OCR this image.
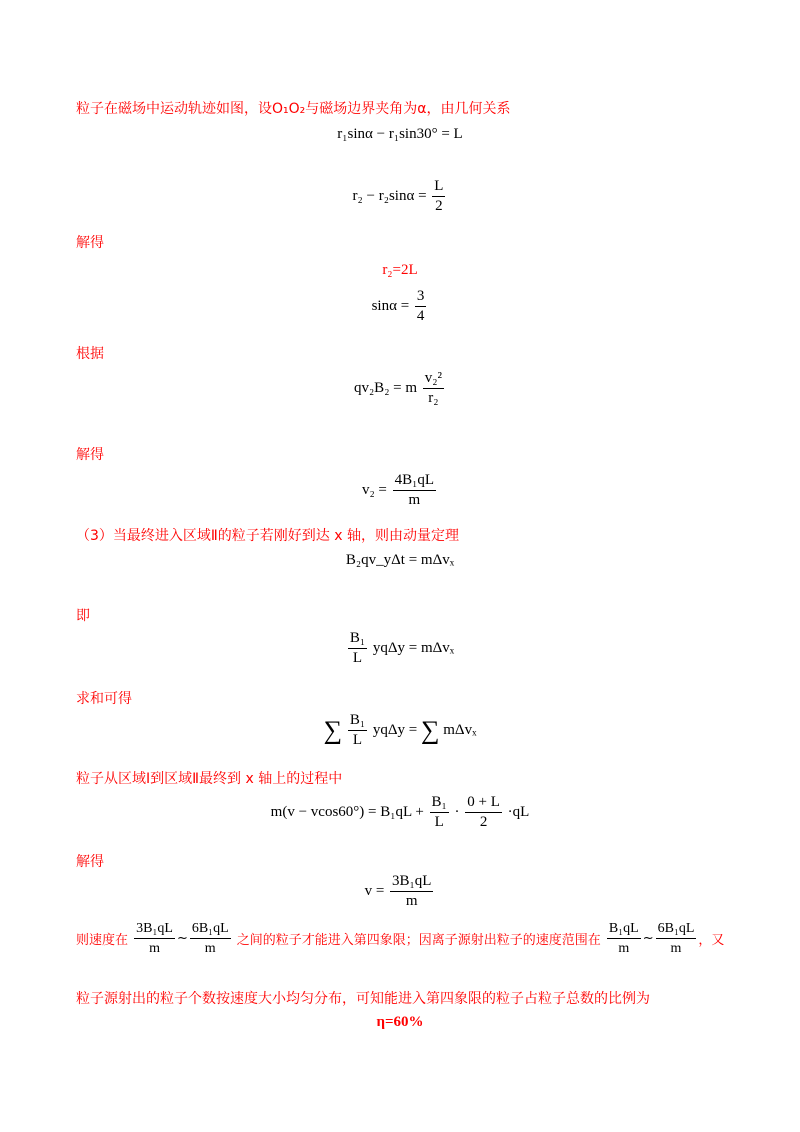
粒子在磁场中运动轨迹如图，设O₁O₂与磁场边界夹角为α，由几何关系
r₁sinα − r₁sin30° = L
$r_2 - r_2\sin\alpha = \frac{L}{2}$
解得
r₂=2L
$\sin\alpha = \frac{3}{4}$
根据
qv₂B₂ = m $\frac{\text{v₂²}}{\text{r₂}}$
解得
$v_2 = \frac{\text{4B₁qL}}{m}$
（3）当最终进入区域Ⅱ的粒子若刚好到达 x 轴，则由动量定理
B₂qv_yΔt = mΔvₓ
即
$\frac{\text{B₁}}{L}$ yqΔy = mΔvₓ
求和可得
∑ $\frac{\text{B₁}}{L}$ yqΔy = ∑ mΔvₓ
粒子从区域Ⅰ到区域Ⅱ最终到 x 轴上的过程中
$m(v - vcos60^\circ) = B_1qL + \frac{\text{B₁}}{L} \cdot \frac{0 + L}{2} \cdot qL$
解得
$v = \frac{\text{3B₁qL}}{m}$
则速度在 $\frac{\text{3B₁qL}}{m}$ ~ $\frac{\text{6B₁qL}}{m}$ 之间的粒子才能进入第四象限；因离子源射出粒子的速度范围在 $\frac{\text{B₁qL}}{m}$ ~ $\frac{\text{6B₁qL}}{m}$ ，又
粒子源射出的粒子个数按速度大小均匀分布，可知能进入第四象限的粒子占粒子总数的比例为
η=60%
